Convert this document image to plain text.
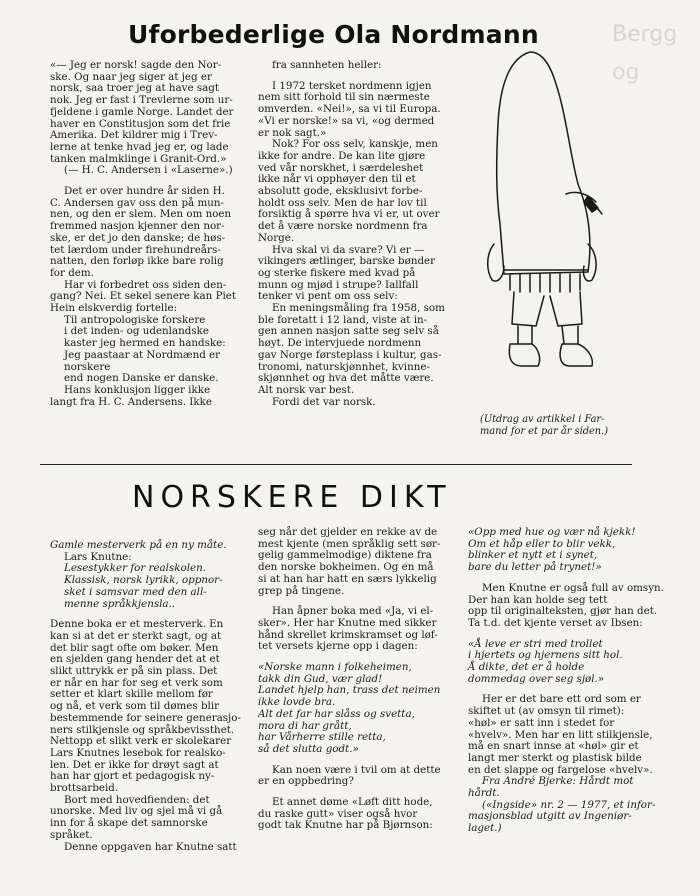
Uforbederlige Ola Nordmann	Bergg
og

«— Jeg er norsk! sagde den Nor-

ske. Og naar jeg siger at jeg er

norsk, saa troer jeg at have sagt

nok. Jeg er fast i Trevlerne som ur-

fjeldene i gamle Norge. Landet der

haver en Constitusjon som det frie

Amerika. Det kildrer mig i Trev-

lerne at tenke hvad jeg er, og lade

tanken malmklinge i Granit-Ord.»

(— H. C. Andersen i «Laserne».)

Det er over hundre år siden H.

C. Andersen gav oss den på mun-

nen, og den er slem. Men om noen

fremmed nasjon kjenner den nor-

ske, er det jo den danske; de høs-

tet lærdom under firehundreårs-

natten, den forløp ikke bare rolig

for dem.

Har vi forbedret oss siden den-

gang? Nei. Et sekel senere kan Piet

Hein elskverdig fortelle:

Til antropologiske forskere

i det inden- og udenlandske

kaster jeg hermed en handske:

Jeg paastaar at Nordmænd er

norskere

end nogen Danske er danske.

Hans konklusjon ligger ikke

langt fra H. C. Andersens. Ikke

fra sannheten heller:

I 1972 tersket nordmenn igjen

nem sitt forhold til sin nærmeste

omverden. «Nei!», sa vi til Europa.

«Vi er norske!» sa vi, «og dermed

er nok sagt.»

Nok? For oss selv, kanskje, men

ikke for andre. De kan lite gjøre

ved vår norskhet, i særdeleshet

ikke når vi opphøyer den til et

absolutt gode, eksklusivt forbe-

holdt oss selv. Men de har lov til

forsiktig å spørre hva vi er, ut over

det å være norske nordmenn fra

Norge.

Hva skal vi da svare? Vi er —

vikingers ætlinger, barske bønder

og sterke fiskere med kvad på

munn og mjød i strupe? Iallfall

tenker vi pent om oss selv:

En meningsmåling fra 1958, som

ble foretatt i 12 land, viste at in-

gen annen nasjon satte seg selv så

høyt. De intervjuede nordmenn

gav Norge førsteplass i kultur, gas-

tronomi, naturskjønnhet, kvinne-

skjønnhet og hva det måtte være.

Alt norsk var best.

Fordi det var norsk.

(Utdrag av artikkel i Far-
mand for et par år siden.)
NORSKERE DIKT

Gamle mesterverk på en ny måte.

Lars Knutne:

Lesestykker for realskolen.

Klassisk, norsk lyrikk, oppnor-

sket i samsvar med den all-

menne språkkjensla..

Denne boka er et mesterverk. En

kan si at det er sterkt sagt, og at

det blir sagt ofte om bøker. Men

en sjelden gang hender det at et

slikt uttrykk er på sin plass. Det

er når en har for seg et verk som

setter et klart skille mellom før

og nå, et verk som til dømes blir

bestemmende for seinere generasjo-

ners stilkjensle og språkbevissthet.

Nettopp et slikt verk er skolekarer

Lars Knutnes lesebok for realsko-

len. Det er ikke for drøyt sagt at

han har gjort et pedagogisk ny-

brottsarbeid.

Bort med hovedfienden: det

unorske. Med liv og sjel må vi gå

inn for å skape det samnorske

språket.

Denne oppgaven har Knutne satt

seg når det gjelder en rekke av de

mest kjente (men språklig sett sør-

gelig gammelmodige) diktene fra

den norske bokheimen. Og en må

si at han har hatt en særs lykkelig

grep på tingene.

Han åpner boka med «Ja, vi el-

sker». Her har Knutne med sikker

hånd skrellet krimskramset og løf-

tet versets kjerne opp i dagen:

«Norske mann i folkeheimen,

takk din Gud, vær glad!

Landet hjelp han, trass det neimen

ikke lovde bra.

Alt det far har slåss og svetta,

mora di har grått,

har Vårherre stille retta,

så det slutta godt.»

Kan noen være i tvil om at dette

er en oppbedring?

Et annet døme «Løft ditt hode,

du raske gutt» viser også hvor

godt tak Knutne har på Bjørnson:

«Opp med hue og vær nå kjekk!

Om et håp eller to blir vekk,

blinker et nytt et i synet,

bare du letter på trynet!»

Men Knutne er også full av omsyn.

Der han kan holde seg tett

opp til originalteksten, gjør han det.

Ta t.d. det kjente verset av Ibsen:

«Å leve er stri med trollet

i hjertets og hjernens sitt hol.

Å dikte, det er å holde

dommedag over seg sjøl.»

Her er det bare ett ord som er

skiftet ut (av omsyn til rimet):

«høl» er satt inn i stedet for

«hvelv». Men har en litt stilkjensle,

må en snart innse at «høl» gir et

langt mer sterkt og plastisk bilde

en det slappe og fargelose «hvelv».

Fra André Bjerke: Hårdt mot

hårdt.

(«Ingside» nr. 2 — 1977, et infor-

masjonsblad utgitt av Ingeniør-

laget.)
